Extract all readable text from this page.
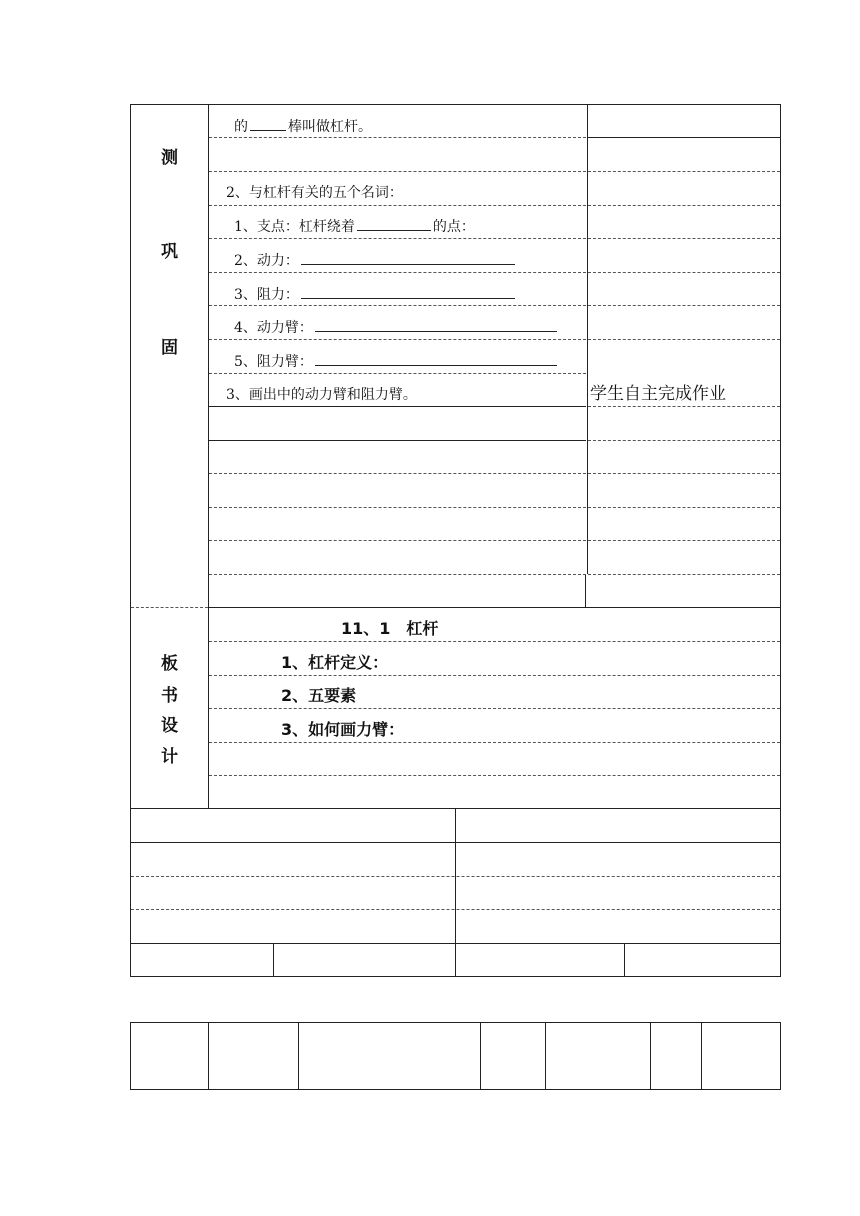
测
巩
固
的	棒叫做杠杆。
2、与杠杆有关的五个名词：
1、支点：杠杆绕着	的点：
2、动力：
3、阻力：
4、动力臂：
5、阻力臂：
3、画出中的动力臂和阻力臂。	学生自主完成作业
板
书
设
计
11、1　杠杆
1、杠杆定义：
2、五要素
3、如何画力臂：
